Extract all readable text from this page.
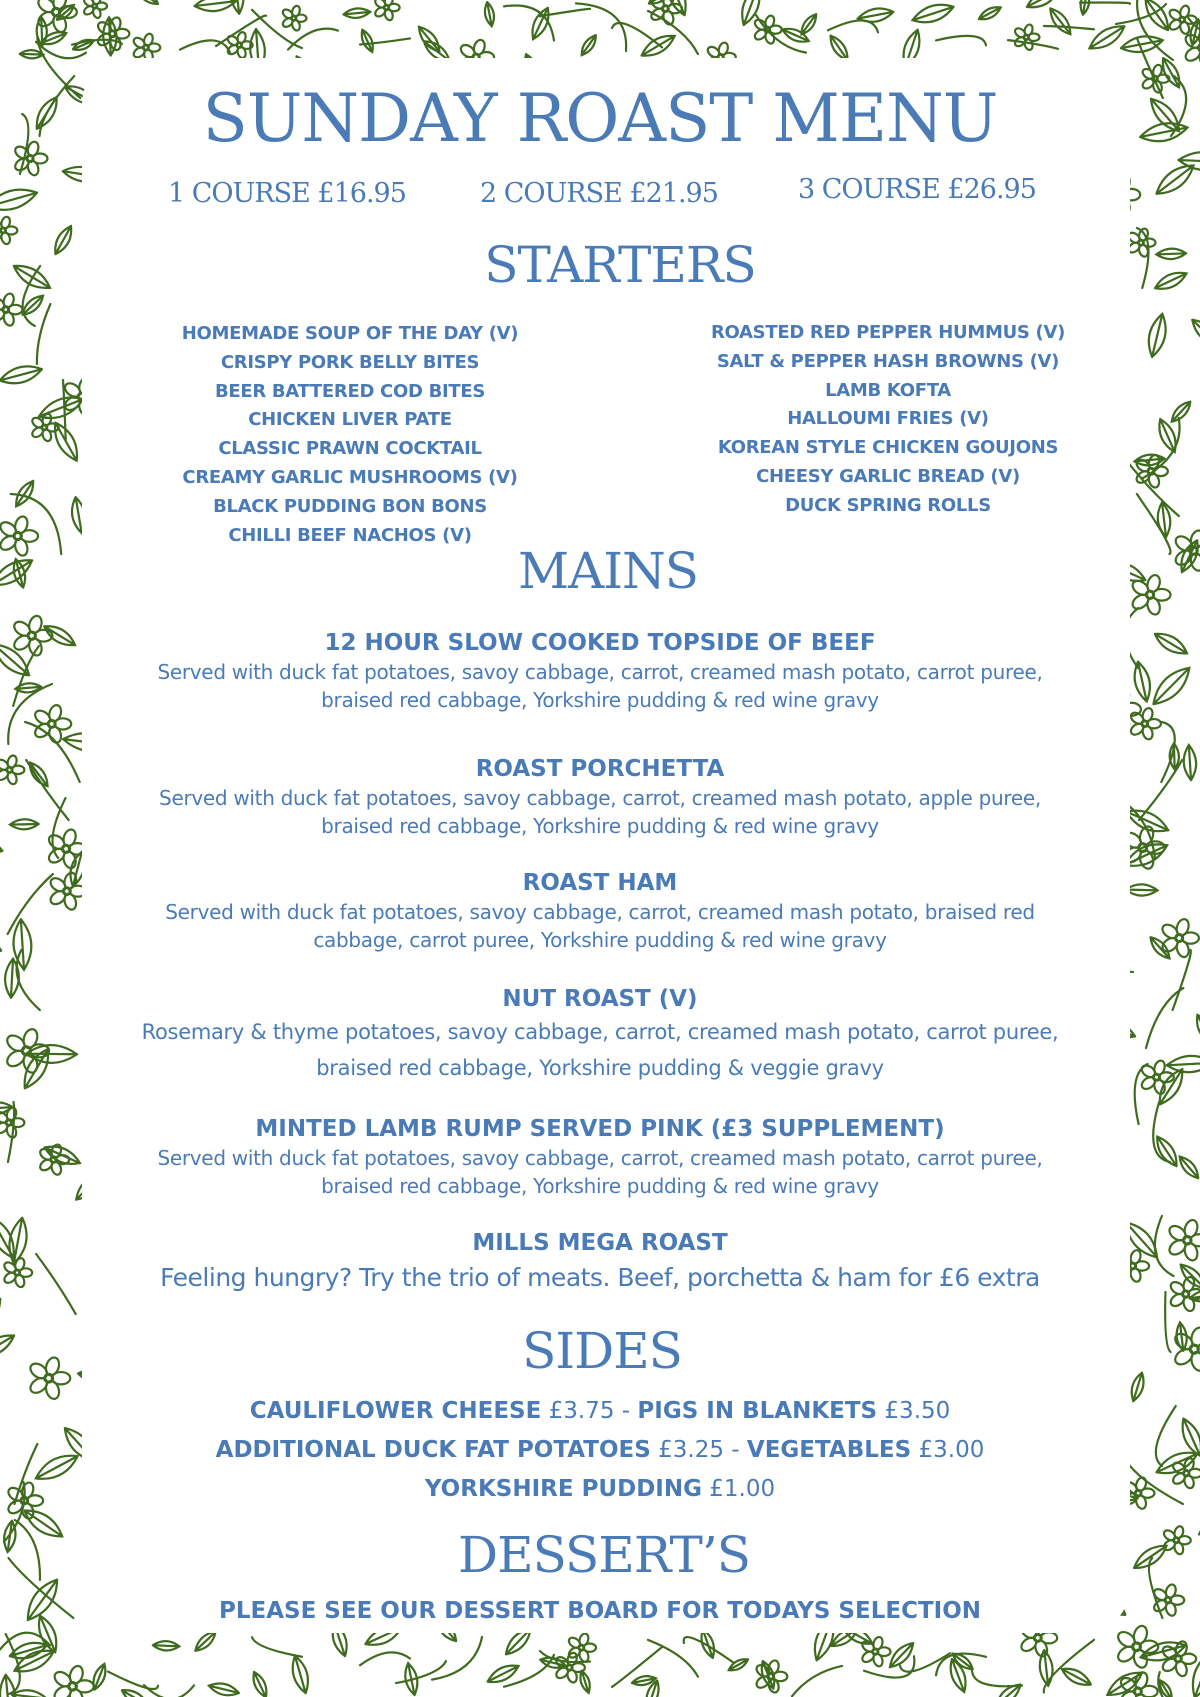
SUNDAY ROAST MENU
1 COURSE £16.95	2 COURSE £21.95	3 COURSE £26.95
STARTERS
HOMEMADE SOUP OF THE DAY (V)
CRISPY PORK BELLY BITES
BEER BATTERED COD BITES
CHICKEN LIVER PATE
CLASSIC PRAWN COCKTAIL
CREAMY GARLIC MUSHROOMS (V)
BLACK PUDDING BON BONS
CHILLI BEEF NACHOS (V)
ROASTED RED PEPPER HUMMUS (V)
SALT & PEPPER HASH BROWNS (V)
LAMB KOFTA
HALLOUMI FRIES (V)
KOREAN STYLE CHICKEN GOUJONS
CHEESY GARLIC BREAD (V)
DUCK SPRING ROLLS
MAINS
12 HOUR SLOW COOKED TOPSIDE OF BEEF
Served with duck fat potatoes, savoy cabbage, carrot, creamed mash potato, carrot puree,
braised red cabbage, Yorkshire pudding & red wine gravy
ROAST PORCHETTA
Served with duck fat potatoes, savoy cabbage, carrot, creamed mash potato, apple puree,
braised red cabbage, Yorkshire pudding & red wine gravy
ROAST HAM
Served with duck fat potatoes, savoy cabbage, carrot, creamed mash potato, braised red
cabbage, carrot puree, Yorkshire pudding & red wine gravy
NUT ROAST (V)
Rosemary & thyme potatoes, savoy cabbage, carrot, creamed mash potato, carrot puree,
braised red cabbage, Yorkshire pudding & veggie gravy
MINTED LAMB RUMP SERVED PINK (£3 SUPPLEMENT)
Served with duck fat potatoes, savoy cabbage, carrot, creamed mash potato, carrot puree,
braised red cabbage, Yorkshire pudding & red wine gravy
MILLS MEGA ROAST
Feeling hungry? Try the trio of meats. Beef, porchetta & ham for £6 extra
SIDES
CAULIFLOWER CHEESE £3.75 - PIGS IN BLANKETS £3.50
ADDITIONAL DUCK FAT POTATOES £3.25 - VEGETABLES £3.00
YORKSHIRE PUDDING £1.00
DESSERT’S
PLEASE SEE OUR DESSERT BOARD FOR TODAYS SELECTION
